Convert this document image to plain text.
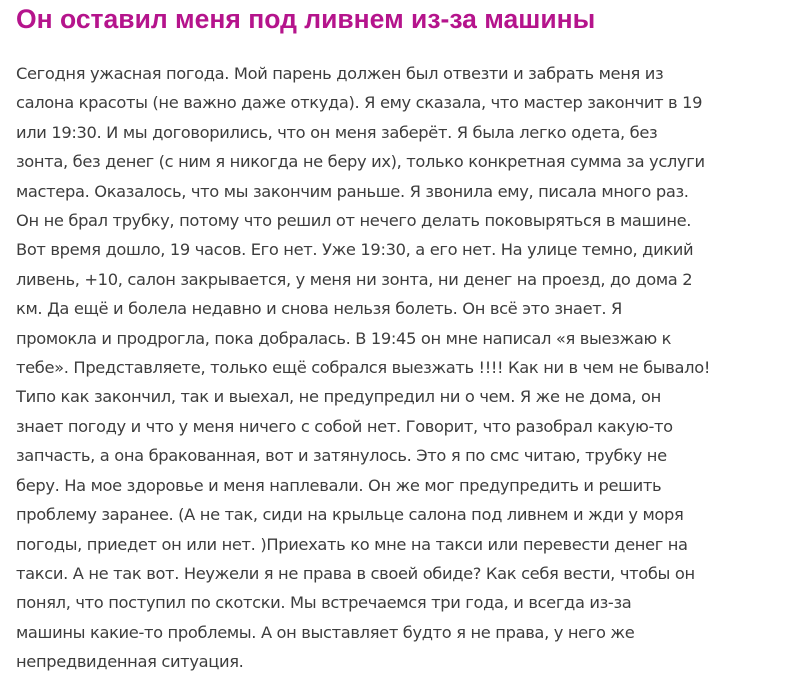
Он оставил меня под ливнем из-за машины

Сегодня ужасная погода. Мой парень должен был отвезти и забрать меня из
салона красоты (не важно даже откуда). Я ему сказала, что мастер закончит в 19
или 19:30. И мы договорились, что он меня заберёт. Я была легко одета, без
зонта, без денег (с ним я никогда не беру их), только конкретная сумма за услуги
мастера. Оказалось, что мы закончим раньше. Я звонила ему, писала много раз.
Он не брал трубку, потому что решил от нечего делать поковыряться в машине.
Вот время дошло, 19 часов. Его нет. Уже 19:30, а его нет. На улице темно, дикий
ливень, +10, салон закрывается, у меня ни зонта, ни денег на проезд, до дома 2
км. Да ещё и болела недавно и снова нельзя болеть. Он всё это знает. Я
промокла и продрогла, пока добралась. В 19:45 он мне написал «я выезжаю к
тебе». Представляете, только ещё собрался выезжать !!!! Как ни в чем не бывало!
Типо как закончил, так и выехал, не предупредил ни о чем. Я же не дома, он
знает погоду и что у меня ничего с собой нет. Говорит, что разобрал какую-то
запчасть, а она бракованная, вот и затянулось. Это я по смс читаю, трубку не
беру. На мое здоровье и меня наплевали. Он же мог предупредить и решить
проблему заранее. (А не так, сиди на крыльце салона под ливнем и жди у моря
погоды, приедет он или нет. )Приехать ко мне на такси или перевести денег на
такси. А не так вот. Неужели я не права в своей обиде? Как себя вести, чтобы он
понял, что поступил по скотски. Мы встречаемся три года, и всегда из-за
машины какие-то проблемы. А он выставляет будто я не права, у него же
непредвиденная ситуация.
